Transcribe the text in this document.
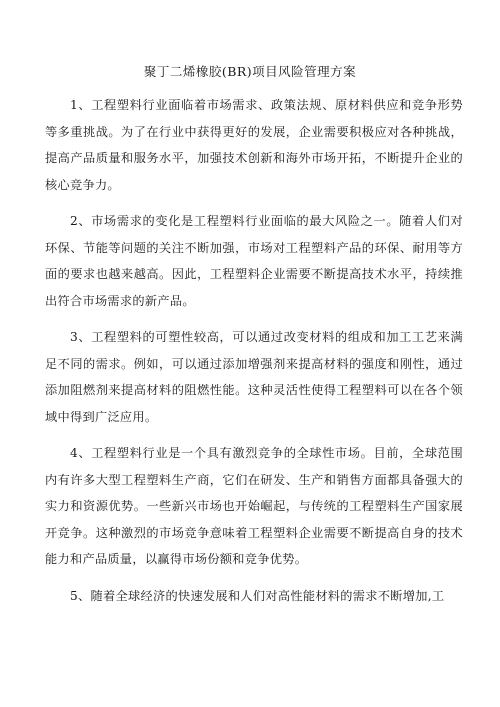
聚丁二烯橡胶(BR)项目风险管理方案

1、工程塑料行业面临着市场需求、政策法规、原材料供应和竞争形势等多重挑战。为了在行业中获得更好的发展，企业需要积极应对各种挑战，提高产品质量和服务水平，加强技术创新和海外市场开拓，不断提升企业的核心竞争力。

2、市场需求的变化是工程塑料行业面临的最大风险之一。随着人们对环保、节能等问题的关注不断加强，市场对工程塑料产品的环保、耐用等方面的要求也越来越高。因此，工程塑料企业需要不断提高技术水平，持续推出符合市场需求的新产品。

3、工程塑料的可塑性较高，可以通过改变材料的组成和加工工艺来满足不同的需求。例如，可以通过添加增强剂来提高材料的强度和刚性，通过添加阻燃剂来提高材料的阻燃性能。这种灵活性使得工程塑料可以在各个领域中得到广泛应用。

4、工程塑料行业是一个具有激烈竞争的全球性市场。目前，全球范围内有许多大型工程塑料生产商，它们在研发、生产和销售方面都具备强大的实力和资源优势。一些新兴市场也开始崛起，与传统的工程塑料生产国家展开竞争。这种激烈的市场竞争意味着工程塑料企业需要不断提高自身的技术能力和产品质量，以赢得市场份额和竞争优势。

5、随着全球经济的快速发展和人们对高性能材料的需求不断增加,工
